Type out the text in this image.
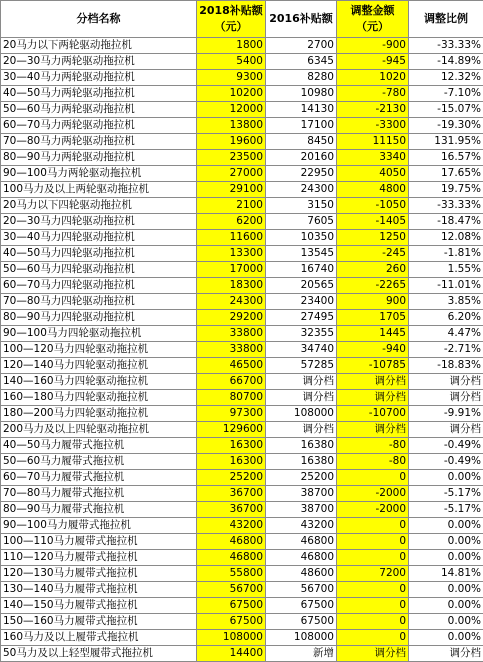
分档名称	2018补贴额（元）	2016补贴额	调整金额（元）	调整比例
20马力以下两轮驱动拖拉机	1800	2700	-900	-33.33%
20—30马力两轮驱动拖拉机	5400	6345	-945	-14.89%
30—40马力两轮驱动拖拉机	9300	8280	1020	12.32%
40—50马力两轮驱动拖拉机	10200	10980	-780	-7.10%
50—60马力两轮驱动拖拉机	12000	14130	-2130	-15.07%
60—70马力两轮驱动拖拉机	13800	17100	-3300	-19.30%
70—80马力两轮驱动拖拉机	19600	8450	11150	131.95%
80—90马力两轮驱动拖拉机	23500	20160	3340	16.57%
90—100马力两轮驱动拖拉机	27000	22950	4050	17.65%
100马力及以上两轮驱动拖拉机	29100	24300	4800	19.75%
20马力以下四轮驱动拖拉机	2100	3150	-1050	-33.33%
20—30马力四轮驱动拖拉机	6200	7605	-1405	-18.47%
30—40马力四轮驱动拖拉机	11600	10350	1250	12.08%
40—50马力四轮驱动拖拉机	13300	13545	-245	-1.81%
50—60马力四轮驱动拖拉机	17000	16740	260	1.55%
60—70马力四轮驱动拖拉机	18300	20565	-2265	-11.01%
70—80马力四轮驱动拖拉机	24300	23400	900	3.85%
80—90马力四轮驱动拖拉机	29200	27495	1705	6.20%
90—100马力四轮驱动拖拉机	33800	32355	1445	4.47%
100—120马力四轮驱动拖拉机	33800	34740	-940	-2.71%
120—140马力四轮驱动拖拉机	46500	57285	-10785	-18.83%
140—160马力四轮驱动拖拉机	66700	调分档	调分档	调分档
160—180马力四轮驱动拖拉机	80700	调分档	调分档	调分档
180—200马力四轮驱动拖拉机	97300	108000	-10700	-9.91%
200马力及以上四轮驱动拖拉机	129600	调分档	调分档	调分档
40—50马力履带式拖拉机	16300	16380	-80	-0.49%
50—60马力履带式拖拉机	16300	16380	-80	-0.49%
60—70马力履带式拖拉机	25200	25200	0	0.00%
70—80马力履带式拖拉机	36700	38700	-2000	-5.17%
80—90马力履带式拖拉机	36700	38700	-2000	-5.17%
90—100马力履带式拖拉机	43200	43200	0	0.00%
100—110马力履带式拖拉机	46800	46800	0	0.00%
110—120马力履带式拖拉机	46800	46800	0	0.00%
120—130马力履带式拖拉机	55800	48600	7200	14.81%
130—140马力履带式拖拉机	56700	56700	0	0.00%
140—150马力履带式拖拉机	67500	67500	0	0.00%
150—160马力履带式拖拉机	67500	67500	0	0.00%
160马力及以上履带式拖拉机	108000	108000	0	0.00%
50马力及以上轻型履带式拖拉机	14400	新增	调分档	调分档
